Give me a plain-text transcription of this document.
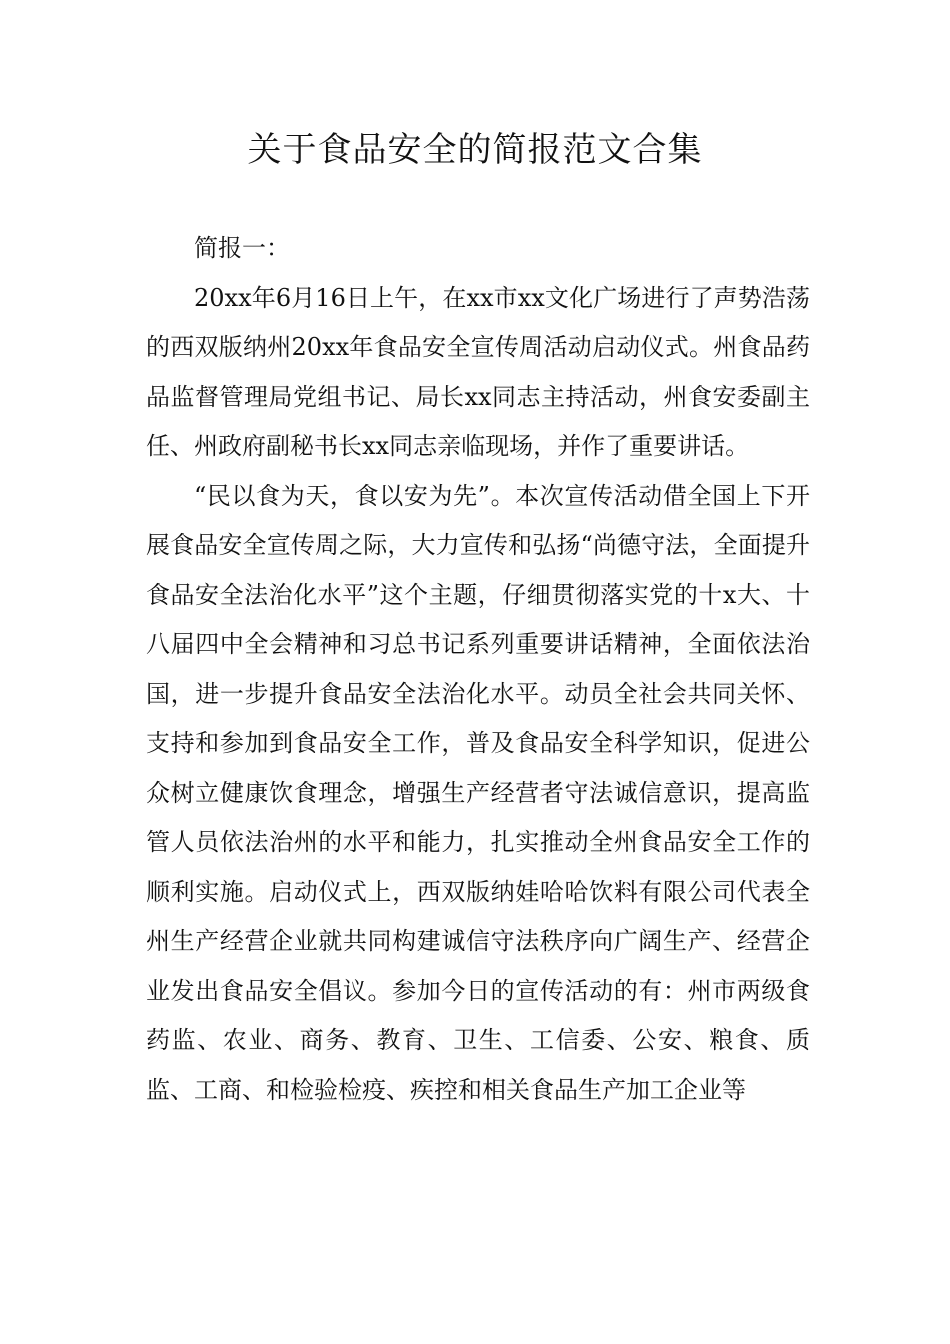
关于食品安全的简报范文合集

简报一：

20xx年6月16日上午，在xx市xx文化广场进行了声势浩荡的西双版纳州20xx年食品安全宣传周活动启动仪式。州食品药品监督管理局党组书记、局长xx同志主持活动，州食安委副主任、州政府副秘书长xx同志亲临现场，并作了重要讲话。

“民以食为天，食以安为先”。本次宣传活动借全国上下开展食品安全宣传周之际，大力宣传和弘扬“尚德守法，全面提升食品安全法治化水平”这个主题，仔细贯彻落实党的十x大、十八届四中全会精神和习总书记系列重要讲话精神，全面依法治国，进一步提升食品安全法治化水平。动员全社会共同关怀、支持和参加到食品安全工作，普及食品安全科学知识，促进公众树立健康饮食理念，增强生产经营者守法诚信意识，提高监管人员依法治州的水平和能力，扎实推动全州食品安全工作的顺利实施。启动仪式上，西双版纳娃哈哈饮料有限公司代表全州生产经营企业就共同构建诚信守法秩序向广阔生产、经营企业发出食品安全倡议。参加今日的宣传活动的有：州市两级食药监、农业、商务、教育、卫生、工信委、公安、粮食、质监、工商、和检验检疫、疾控和相关食品生产加工企业等
